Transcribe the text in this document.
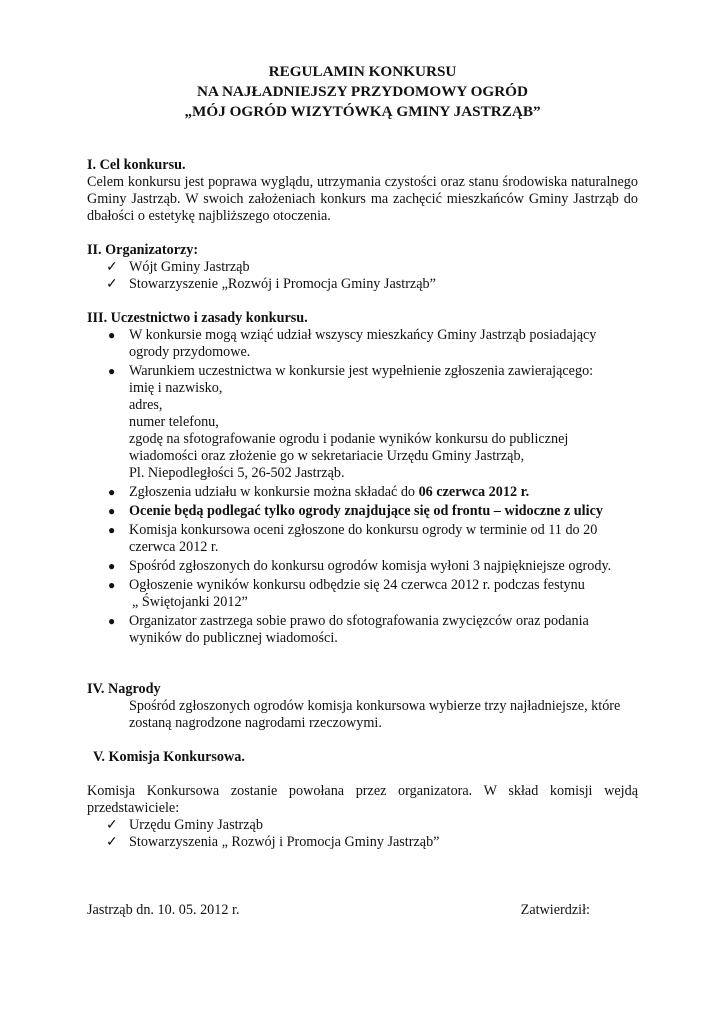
REGULAMIN KONKURSU
NA NAJŁADNIEJSZY PRZYDOMOWY OGRÓD
„MÓJ OGRÓD WIZYTÓWKĄ GMINY JASTRZĄB”
I. Cel konkursu.

Celem konkursu jest poprawa wyglądu, utrzymania czystości oraz stanu środowiska naturalnego Gminy Jastrząb. W swoich założeniach konkurs ma zachęcić mieszkańców Gminy Jastrząb do dbałości o estetykę najbliższego otoczenia.

II. Organizatorzy:
✓ Wójt Gminy Jastrząb
✓ Stowarzyszenie „Rozwój i Promocja Gminy Jastrząb”
III. Uczestnictwo i zasady konkursu.
● W konkursie mogą wziąć udział wszyscy mieszkańcy Gminy Jastrząb posiadający ogrody przydomowe.
● Warunkiem uczestnictwa w konkursie jest wypełnienie zgłoszenia zawierającego:
imię i nazwisko,
adres,
numer telefonu,
zgodę na sfotografowanie ogrodu i podanie wyników konkursu do publicznej
wiadomości oraz złożenie go w sekretariacie Urzędu Gminy Jastrząb,
Pl. Niepodległości 5, 26-502 Jastrząb.
● Zgłoszenia udziału w konkursie można składać do 06 czerwca 2012 r.
● Ocenie będą podlegać tylko ogrody znajdujące się od frontu – widoczne z ulicy
● Komisja konkursowa oceni zgłoszone do konkursu ogrody w terminie od 11 do 20 czerwca 2012 r.
● Spośród zgłoszonych do konkursu ogrodów komisja wyłoni 3 najpiękniejsze ogrody.
● Ogłoszenie wyników konkursu odbędzie się 24 czerwca 2012 r. podczas festynu
„ Świętojanki 2012”
● Organizator zastrzega sobie prawo do sfotografowania zwycięzców oraz podania wyników do publicznej wiadomości.
IV. Nagrody
Spośród zgłoszonych ogrodów komisja konkursowa wybierze trzy najładniejsze, które zostaną nagrodzone nagrodami rzeczowymi.
V. Komisja Konkursowa.

Komisja Konkursowa zostanie powołana przez organizatora. W skład komisji wejdą przedstawiciele:

✓ Urzędu Gminy Jastrząb
✓ Stowarzyszenia „ Rozwój i Promocja Gminy Jastrząb”
Jastrząb dn. 10. 05. 2012 r.	Zatwierdził:
